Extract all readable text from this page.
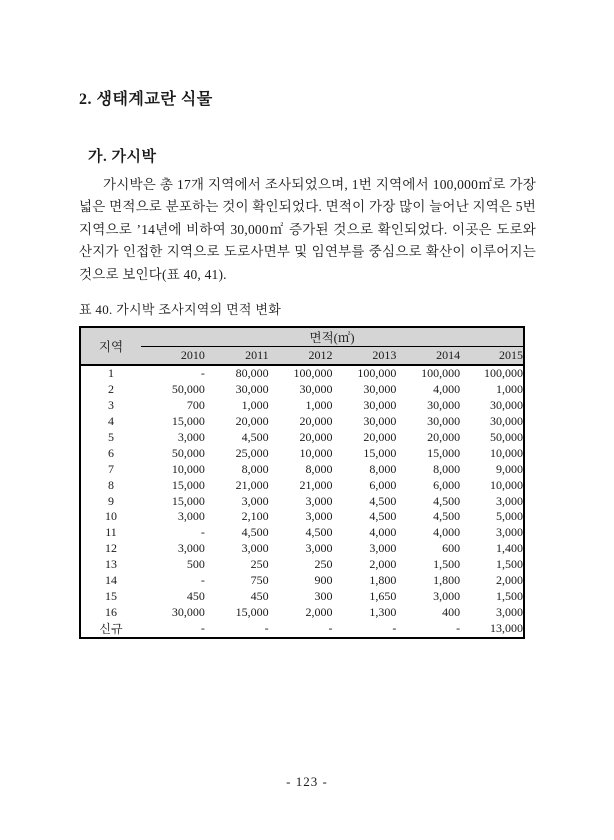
2. 생태계교란 식물
가. 가시박

가시박은 총 17개 지역에서 조사되었으며, 1번 지역에서 100,000㎡로 가장 넓은 면적으로 분포하는 것이 확인되었다. 면적이 가장 많이 늘어난 지역은 5번 지역으로 ’14년에 비하여 30,000㎡ 증가된 것으로 확인되었다. 이곳은 도로와 산지가 인접한 지역으로 도로사면부 및 임연부를 중심으로 확산이 이루어지는 것으로 보인다(표 40, 41).

표 40. 가시박 조사지역의 면적 변화
지역	면적(㎡)					
	2010	2011	2012	2013	2014	2015
1	-	80,000	100,000	100,000	100,000	100,000
2	50,000	30,000	30,000	30,000	4,000	1,000
3	700	1,000	1,000	30,000	30,000	30,000
4	15,000	20,000	20,000	30,000	30,000	30,000
5	3,000	4,500	20,000	20,000	20,000	50,000
6	50,000	25,000	10,000	15,000	15,000	10,000
7	10,000	8,000	8,000	8,000	8,000	9,000
8	15,000	21,000	21,000	6,000	6,000	10,000
9	15,000	3,000	3,000	4,500	4,500	3,000
10	3,000	2,100	3,000	4,500	4,500	5,000
11	-	4,500	4,500	4,000	4,000	3,000
12	3,000	3,000	3,000	3,000	600	1,400
13	500	250	250	2,000	1,500	1,500
14	-	750	900	1,800	1,800	2,000
15	450	450	300	1,650	3,000	1,500
16	30,000	15,000	2,000	1,300	400	3,000
신규	-	-	-	-	-	13,000
- 123 -
